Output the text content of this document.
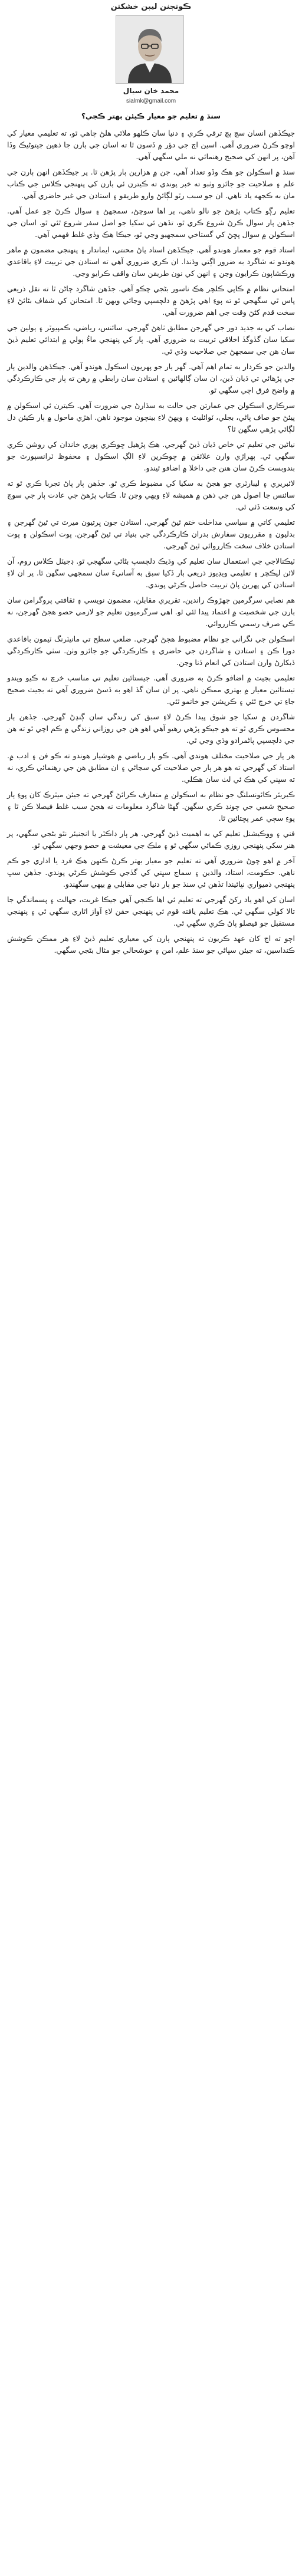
ڪوتجنن ليبن خشکتن
محمد خان سيال
sialmk@gmail.com
سنڌ ۾ تعليم جو معيار ڪيئن بهتر ڪجي؟

جيڪڏهن انسان سچ پچ ترقي ڪري ۽ دنيا سان ڪلهو ملائي هلڻ چاهي ٿو، ته تعليمي معيار کي اوچو ڪرڻ ضروري آهي. اسين اڄ جي دؤر ۾ ڏسون ٿا ته اسان جي ٻارن جا ذهين جيتوڻيڪ وڏا آهن، پر انهن کي صحيح رهنمائي نه ملي سگهي آهي.

سنڌ ۾ اسڪولن جو هڪ وڏو تعداد آهي، جن ۾ هزارين ٻار پڙهن ٿا. پر جيڪڏهن انهن ٻارن جي علم ۽ صلاحيت جو جائزو وٺبو ته خبر پوندي ته ڪيترن ئي ٻارن کي پنهنجي ڪلاس جي ڪتاب مان به ڪجهه ياد ناهي. ان جو سبب رٽو لڳائڻ وارو طريقو ۽ استادن جي غير حاضري آهي.

تعليم رڳو ڪتاب پڙهڻ جو نالو ناهي، پر اها سوچڻ، سمجهڻ ۽ سوال ڪرڻ جو عمل آهي. جڏهن ٻار سوال ڪرڻ شروع ڪري ٿو، تڏهن ئي سکيا جو اصل سفر شروع ٿئي ٿو. اسان جي اسڪولن ۾ سوال پڇڻ کي گستاخي سمجهيو وڃي ٿو، جيڪا هڪ وڏي غلط فهمي آهي.

استاد قوم جو معمار هوندو آهي. جيڪڏهن استاد پاڻ محنتي، ايماندار ۽ پنهنجي مضمون ۾ ماهر هوندو ته شاگرد به ضرور اڳتي وڌندا. ان ڪري ضروري آهي ته استادن جي تربيت لاءِ باقاعدي ورڪشاپون ڪرايون وڃن ۽ انهن کي نون طريقن سان واقف ڪرايو وڃي.

امتحاني نظام ۾ ڪاپي ڪلچر هڪ ناسور بڻجي چڪو آهي. جڏهن شاگرد ڄاڻن ٿا ته نقل ذريعي پاس ٿي سگهجي ٿو ته پوءِ اهي پڙهڻ ۾ دلچسپي وڃائي ويهن ٿا. امتحانن کي شفاف بڻائڻ لاءِ سخت قدم کڻڻ وقت جي اهم ضرورت آهي.

نصاب کي به جديد دور جي گهرجن مطابق ٺاهڻ گهرجي. سائنس، رياضي، ڪمپيوٽر ۽ ٻولين جي سکيا سان گڏوگڏ اخلاقي تربيت به ضروري آهي. ٻار کي پنهنجي ماءُ ٻولي ۾ ابتدائي تعليم ڏيڻ سان هن جي سمجهڻ جي صلاحيت وڌي ٿي.

والدين جو ڪردار به تمام اهم آهي. گهر ٻار جو پهريون اسڪول هوندو آهي. جيڪڏهن والدين ٻار جي پڙهائي تي ڌيان ڏين، ان سان ڳالهائين ۽ استادن سان رابطي ۾ رهن ته ٻار جي ڪارڪردگي ۾ واضح فرق اچي سگهي ٿو.

سرڪاري اسڪولن جي عمارتن جي حالت به سڌارڻ جي ضرورت آهي. ڪيترن ئي اسڪولن ۾ پيئڻ جو صاف پاڻي، بجلي، ٽوائليٽ ۽ ويهڻ لاءِ بينچون موجود ناهن. اهڙي ماحول ۾ ٻار ڪيئن دل لڳائي پڙهي سگهن ٿا؟

نياڻين جي تعليم تي خاص ڌيان ڏيڻ گهرجي. هڪ پڙهيل ڇوڪري پوري خاندان کي روشن ڪري سگهي ٿي. ٻهراڙي وارن علائقن ۾ ڇوڪرين لاءِ الڳ اسڪول ۽ محفوظ ٽرانسپورٽ جو بندوبست ڪرڻ سان هنن جي داخلا ۾ اضافو ٿيندو.

لائبريري ۽ ليبارٽري جو هجڻ به سکيا کي مضبوط ڪري ٿو. جڏهن ٻار پاڻ تجربا ڪري ٿو ته سائنس جا اصول هن جي ذهن ۾ هميشه لاءِ ويهي وڃن ٿا. ڪتاب پڙهڻ جي عادت ٻار جي سوچ کي وسعت ڏئي ٿي.

تعليمي کاتي ۾ سياسي مداخلت ختم ٿيڻ گهرجي. استادن جون ڀرتيون ميرٽ تي ٿيڻ گهرجن ۽ بدليون ۽ مقرريون سفارش بدران ڪارڪردگي جي بنياد تي ٿيڻ گهرجن. ڀوت اسڪولن ۽ ڀوت استادن خلاف سخت ڪارروائي ٿيڻ گهرجي.

ٽيڪنالاجي جي استعمال سان تعليم کي وڌيڪ دلچسپ بڻائي سگهجي ٿو. ڊجيٽل ڪلاس روم، آن لائن ليڪچر ۽ تعليمي ويڊيوز ذريعي ٻار ڏکيا سبق به آسانيءَ سان سمجهي سگهن ٿا. پر ان لاءِ استادن کي پهرين پاڻ تربيت حاصل ڪرڻي پوندي.

هم نصابي سرگرمين جهڙوڪ راندين، تقريري مقابلن، مضمون نويسي ۽ ثقافتي پروگرامن سان ٻارن جي شخصيت ۾ اعتماد پيدا ٿئي ٿو. اهي سرگرميون تعليم جو لازمي حصو هجڻ گهرجن، نه ڪي صرف رسمي ڪارروائي.

اسڪولن جي نگراني جو نظام مضبوط هجڻ گهرجي. ضلعي سطح تي مانيٽرنگ ٽيمون باقاعدي دورا ڪن ۽ استادن ۽ شاگردن جي حاضري ۽ ڪارڪردگي جو جائزو وٺن. سٺي ڪارڪردگي ڏيکارڻ وارن استادن کي انعام ڏنا وڃن.

تعليمي بجيٽ ۾ اضافو ڪرڻ به ضروري آهي. جيستائين تعليم تي مناسب خرچ نه ڪيو ويندو تيستائين معيار ۾ بهتري ممڪن ناهي. پر ان سان گڏ اهو به ڏسڻ ضروري آهي ته بجيٽ صحيح جاءِ تي خرچ ٿئي ۽ ڪرپشن جو خاتمو ٿئي.

شاگردن ۾ سکيا جو شوق پيدا ڪرڻ لاءِ سبق کي زندگي سان ڳنڍڻ گهرجي. جڏهن ٻار محسوس ڪري ٿو ته هو جيڪو پڙهي رهيو آهي اهو هن جي روزاني زندگي ۾ ڪم اچي ٿو ته هن جي دلچسپي پاڻمرادو وڌي وڃي ٿي.

هر ٻار جي صلاحيت مختلف هوندي آهي. ڪو ٻار رياضي ۾ هوشيار هوندو ته ڪو فن ۽ ادب ۾. استاد کي گهرجي ته هو هر ٻار جي صلاحيت کي سڃاڻي ۽ ان مطابق هن جي رهنمائي ڪري، نه ته سڀني کي هڪ ئي لٺ سان هڪلي.

ڪيريئر ڪائونسلنگ جو نظام به اسڪولن ۾ متعارف ڪرائڻ گهرجي ته جيئن ميٽرڪ کان پوءِ ٻار صحيح شعبي جي چونڊ ڪري سگهن. گهڻا شاگرد معلومات نه هجڻ سبب غلط فيصلا ڪن ٿا ۽ پوءِ سڄي عمر پڇتائين ٿا.

فني ۽ ووڪيشنل تعليم کي به اهميت ڏيڻ گهرجي. هر ٻار ڊاڪٽر يا انجنيئر نٿو بڻجي سگهي، پر هنر سکي پنهنجي روزي ڪمائي سگهي ٿو ۽ ملڪ جي معيشت ۾ حصو وجهي سگهي ٿو.

آخر ۾ اهو چوڻ ضروري آهي ته تعليم جو معيار بهتر ڪرڻ ڪنهن هڪ فرد يا اداري جو ڪم ناهي. حڪومت، استاد، والدين ۽ سماج سڀني کي گڏجي ڪوشش ڪرڻي پوندي. جڏهن سڀ پنهنجي ذميواري نڀائيندا تڏهن ئي سنڌ جو ٻار دنيا جي مقابلي ۾ بيهي سگهندو.

اسان کي اهو ياد رکڻ گهرجي ته تعليم ئي اها ڪنجي آهي جيڪا غربت، جهالت ۽ پسماندگي جا تالا کولي سگهي ٿي. هڪ تعليم يافته قوم ئي پنهنجي حقن لاءِ آواز اٿاري سگهي ٿي ۽ پنهنجي مستقبل جو فيصلو پاڻ ڪري سگهي ٿي.

اچو ته اڄ کان عهد ڪريون ته پنهنجي ٻارن کي معياري تعليم ڏيڻ لاءِ هر ممڪن ڪوشش ڪنداسين، ته جيئن سڀاڻي جو سنڌ علم، امن ۽ خوشحالي جو مثال بڻجي سگهي.
